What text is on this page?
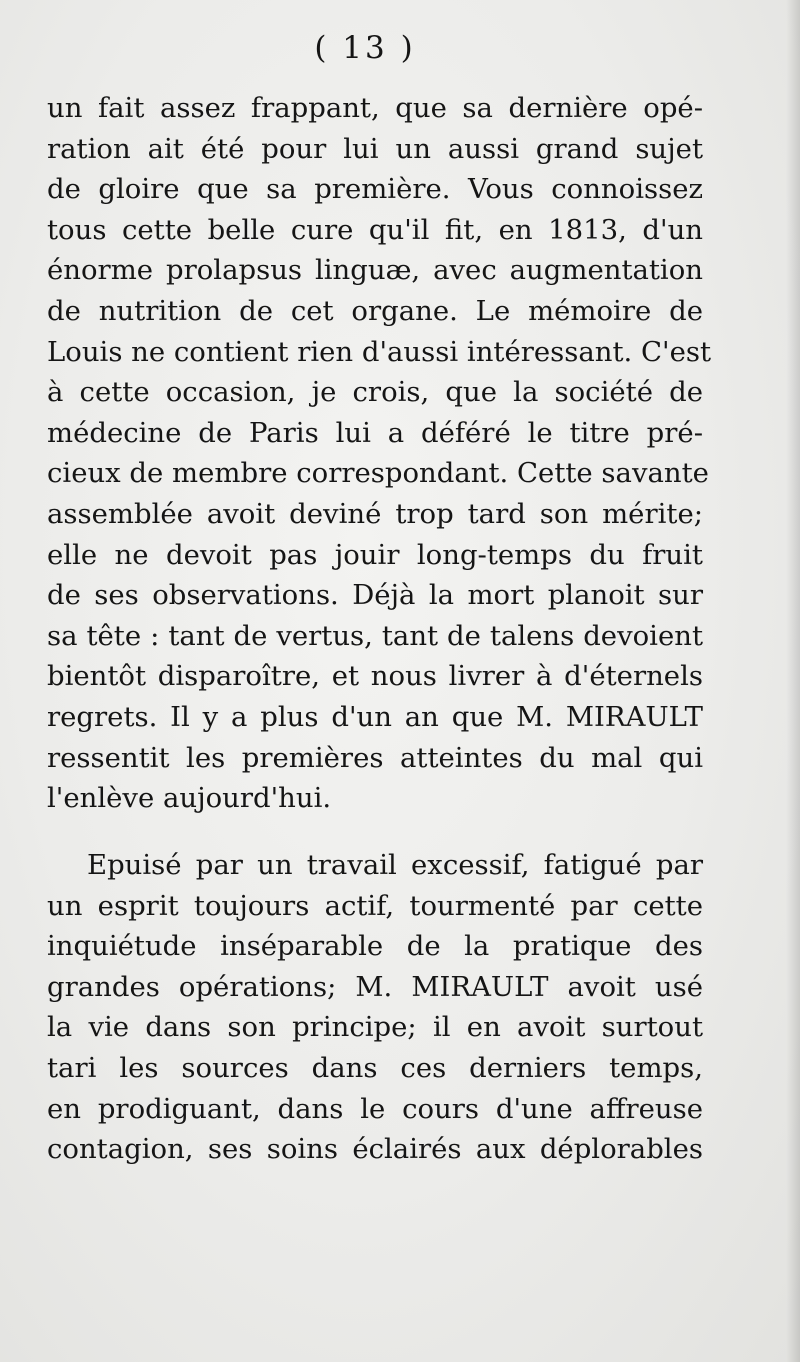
( 13 )
un fait assez frappant, que sa dernière opé-
ration ait été pour lui un aussi grand sujet
de gloire que sa première. Vous connoissez
tous cette belle cure qu'il fit, en 1813, d'un
énorme prolapsus linguæ, avec augmentation
de nutrition de cet organe. Le mémoire de
Louis ne contient rien d'aussi intéressant. C'est
à cette occasion, je crois, que la société de
médecine de Paris lui a déféré le titre pré-
cieux de membre correspondant. Cette savante
assemblée avoit deviné trop tard son mérite;
elle ne devoit pas jouir long-temps du fruit
de ses observations. Déjà la mort planoit sur
sa tête : tant de vertus, tant de talens devoient
bientôt disparoître, et nous livrer à d'éternels
regrets. Il y a plus d'un an que M. MIRAULT
ressentit les premières atteintes du mal qui
l'enlève aujourd'hui.
Epuisé par un travail excessif, fatigué par
un esprit toujours actif, tourmenté par cette
inquiétude inséparable de la pratique des
grandes opérations; M. MIRAULT avoit usé
la vie dans son principe; il en avoit surtout
tari les sources dans ces derniers temps,
en prodiguant, dans le cours d'une affreuse
contagion, ses soins éclairés aux déplorables
